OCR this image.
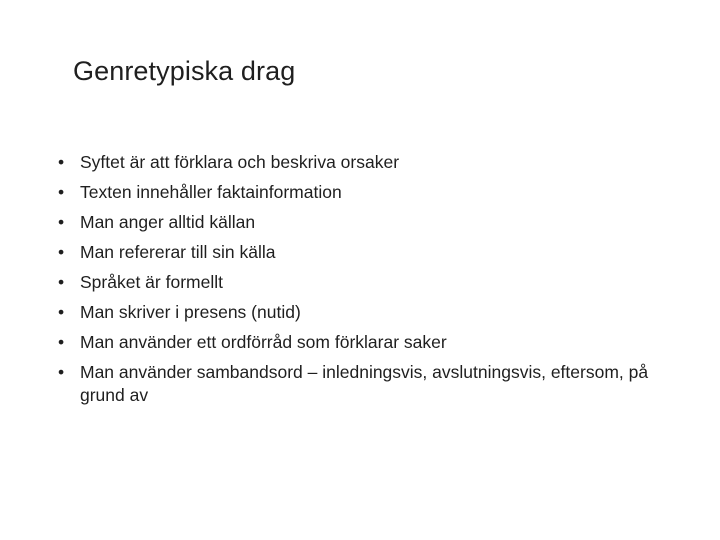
Genretypiska drag
• Syftet är att förklara och beskriva orsaker
• Texten innehåller faktainformation
• Man anger alltid källan
• Man refererar till sin källa
• Språket är formellt
• Man skriver i presens (nutid)
• Man använder ett ordförråd som förklarar saker
• Man använder sambandsord – inledningsvis, avslutningsvis, eftersom, på grund av
